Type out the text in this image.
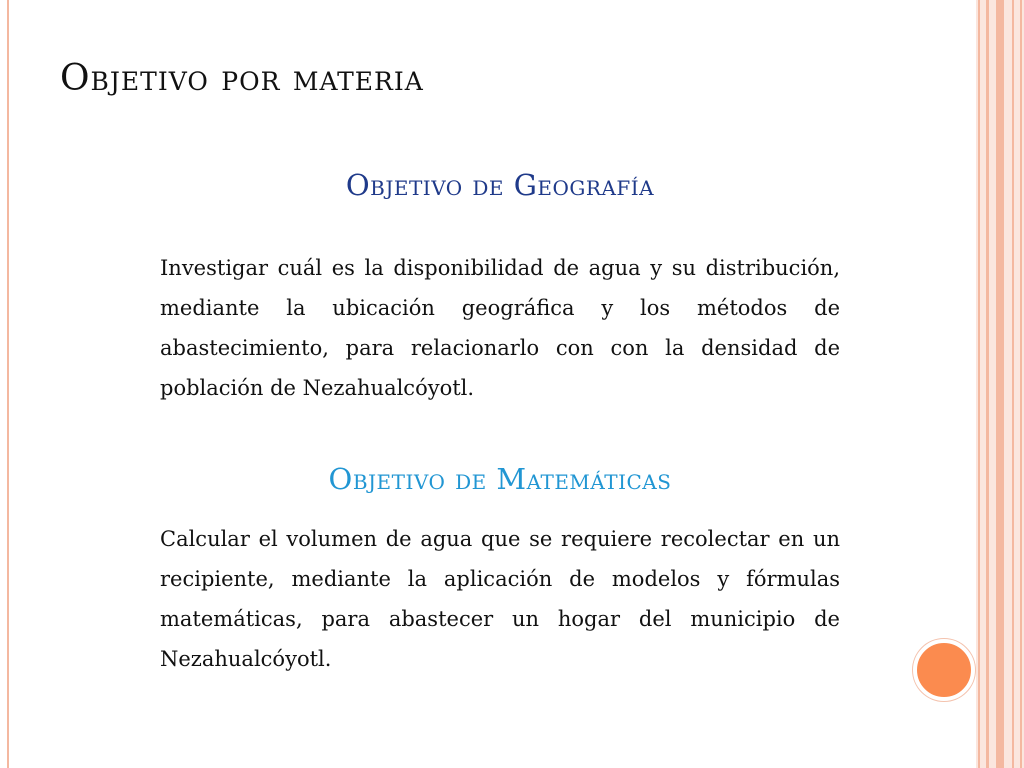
Objetivo por materia
Objetivo de Geografía

Investigar cuál es la disponibilidad de agua y su distribución, mediante la ubicación geográfica y los métodos de abastecimiento, para relacionarlo con con la densidad de población de Nezahualcóyotl.

Objetivo de Matemáticas

Calcular el volumen de agua que se requiere recolectar en un recipiente, mediante la aplicación de modelos y fórmulas matemáticas, para abastecer un hogar del municipio de Nezahualcóyotl.
